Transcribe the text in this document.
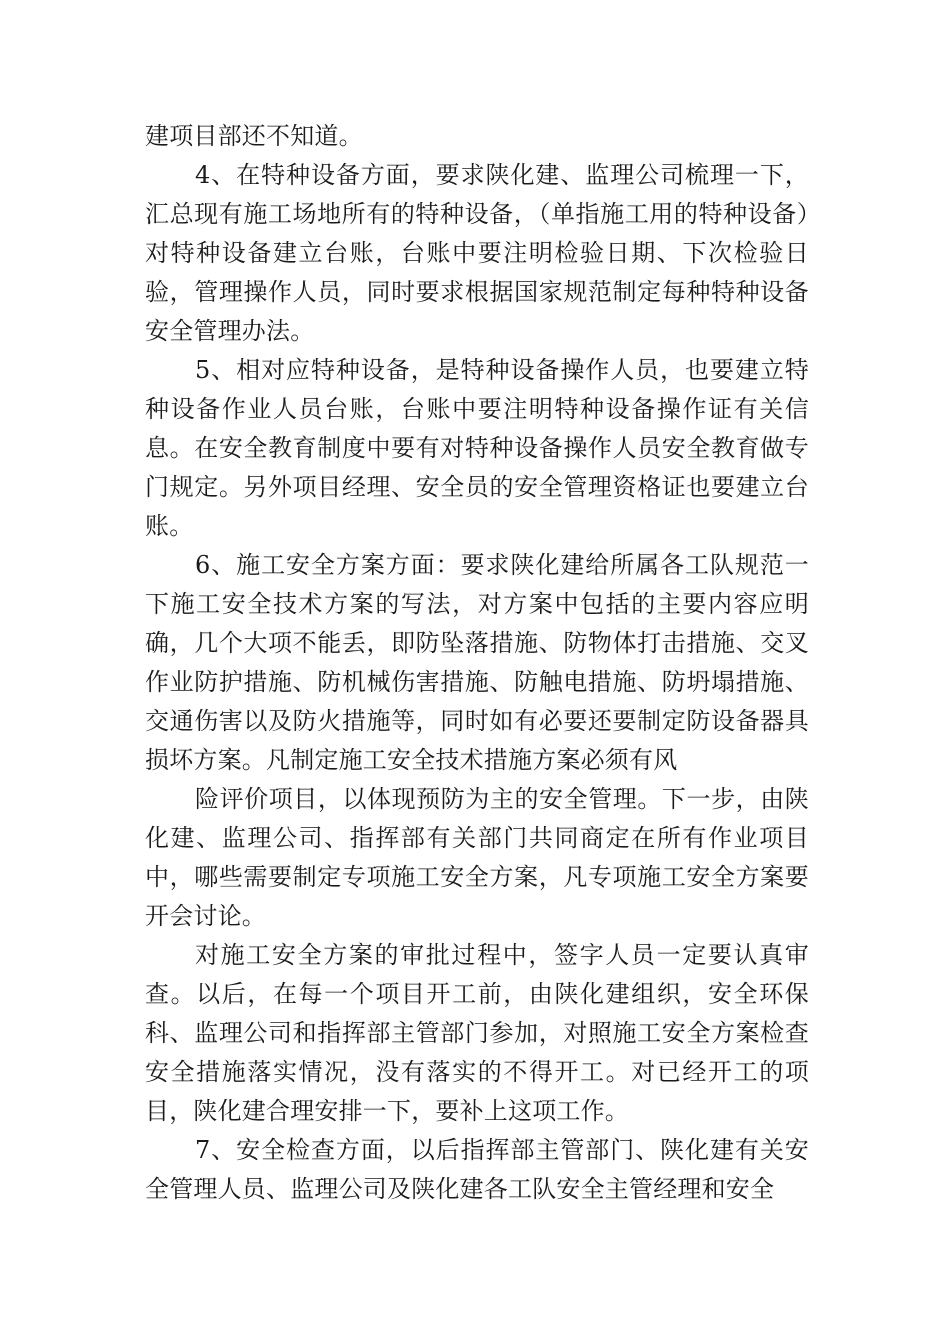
建项目部还不知道。

4、在特种设备方面，要求陕化建、监理公司梳理一下，汇总现有施工场地所有的特种设备，（单指施工用的特种设备）对特种设备建立台账，台账中要注明检验日期、下次检验日验，管理操作人员，同时要求根据国家规范制定每种特种设备安全管理办法。

5、相对应特种设备，是特种设备操作人员，也要建立特种设备作业人员台账，台账中要注明特种设备操作证有关信息。在安全教育制度中要有对特种设备操作人员安全教育做专门规定。另外项目经理、安全员的安全管理资格证也要建立台账。

6、施工安全方案方面：要求陕化建给所属各工队规范一下施工安全技术方案的写法，对方案中包括的主要内容应明确，几个大项不能丢，即防坠落措施、防物体打击措施、交叉作业防护措施、防机械伤害措施、防触电措施、防坍塌措施、交通伤害以及防火措施等，同时如有必要还要制定防设备器具损坏方案。凡制定施工安全技术措施方案必须有风

险评价项目，以体现预防为主的安全管理。下一步，由陕化建、监理公司、指挥部有关部门共同商定在所有作业项目中，哪些需要制定专项施工安全方案，凡专项施工安全方案要开会讨论。

对施工安全方案的审批过程中，签字人员一定要认真审查。以后，在每一个项目开工前，由陕化建组织，安全环保科、监理公司和指挥部主管部门参加，对照施工安全方案检查安全措施落实情况，没有落实的不得开工。对已经开工的项目，陕化建合理安排一下，要补上这项工作。

7、安全检查方面，以后指挥部主管部门、陕化建有关安全管理人员、监理公司及陕化建各工队安全主管经理和安全
